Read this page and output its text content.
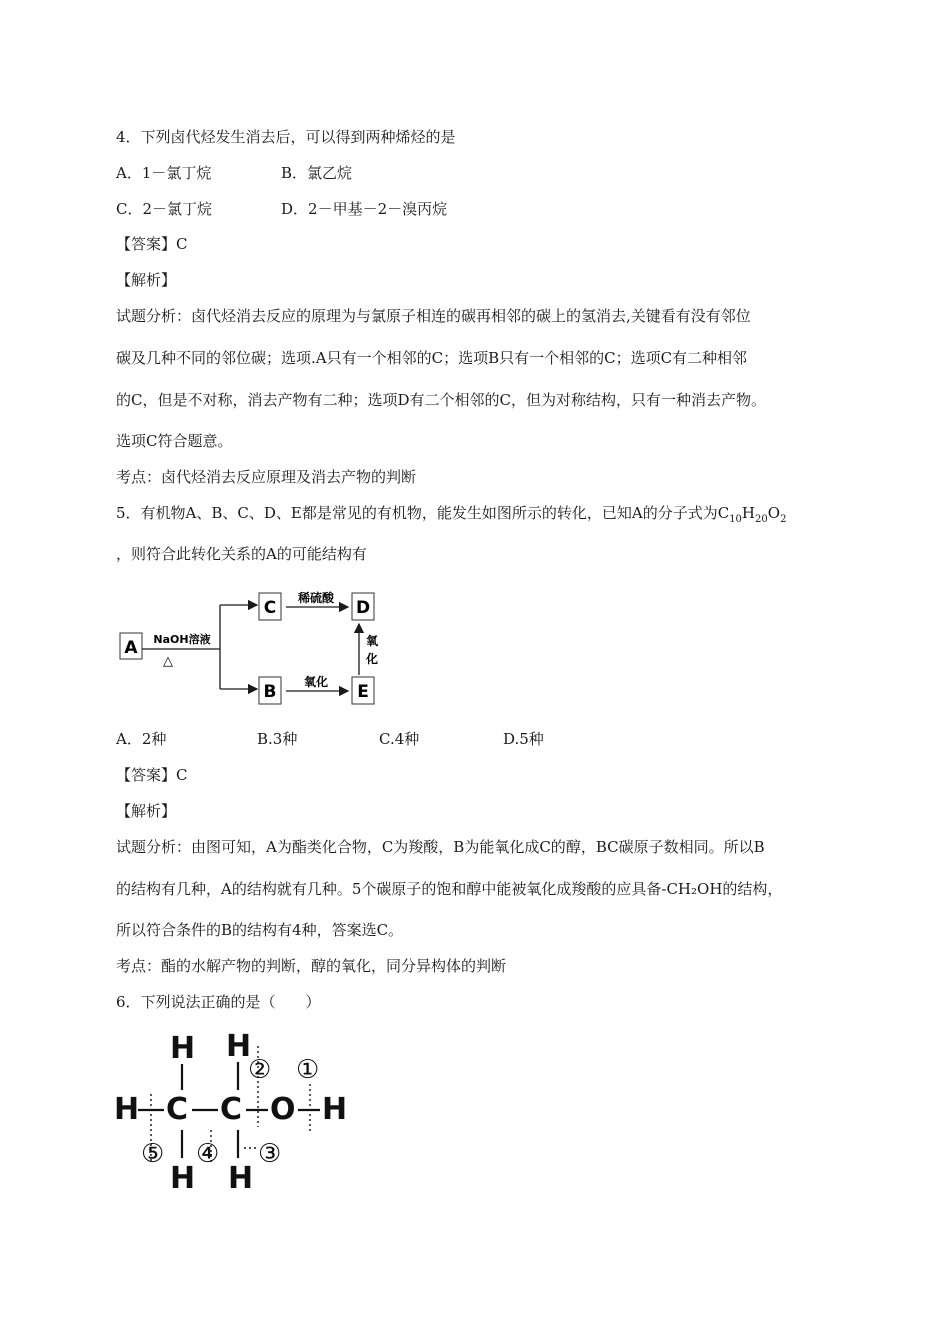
4．下列卤代烃发生消去后，可以得到两种烯烃的是
A．1－氯丁烷	B．氯乙烷
C．2－氯丁烷	D．2－甲基－2－溴丙烷
【答案】C
【解析】
试题分析：卤代烃消去反应的原理为与氯原子相连的碳再相邻的碳上的氢消去,关键看有没有邻位
碳及几种不同的邻位碳；选项.A只有一个相邻的C；选项B只有一个相邻的C；选项C有二种相邻
的C，但是不对称，消去产物有二种；选项D有二个相邻的C，但为对称结构，只有一种消去产物。
选项C符合题意。
考点：卤代烃消去反应原理及消去产物的判断
5．有机物A、B、C、D、E都是常见的有机物，能发生如图所示的转化，已知A的分子式为$C_{10}H_{20}O_2$
，则符合此转化关系的A的可能结构有
A NaOH溶液
△
C
B
稀硫酸 D
氧化 E
氧
化
A．2种	B.3种	C.4种	D.5种
【答案】C
【解析】
试题分析：由图可知，A为酯类化合物，C为羧酸，B为能氧化成C的醇，BC碳原子数相同。所以B
的结构有几种，A的结构就有几种。5个碳原子的饱和醇中能被氧化成羧酸的应具备-CH₂OH的结构，
所以符合条件的B的结构有4种，答案选C。
考点：酯的水解产物的判断，醇的氧化，同分异构体的判断
6．下列说法正确的是（　　）
H H
H C C O H
H H
② ①
⑤ ④ ③
